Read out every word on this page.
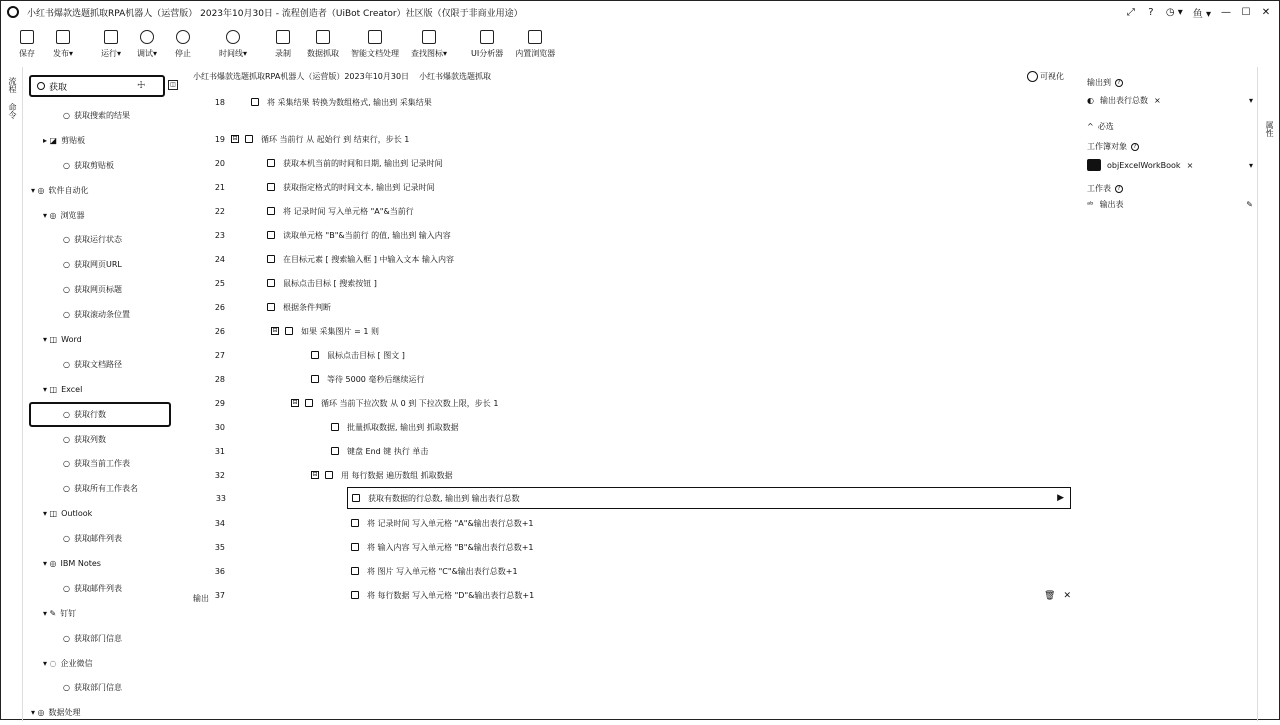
小红书爆款选题抓取RPA机器人（运营版） 2023年10月30日 - 流程创造者（UiBot Creator）社区版（仅限于非商业用途）	⤢ ? ◷ ▾ 鱼 ▾ — ☐ ✕
保存 发布▾	运行▾ 调试▾ 停止	时间线▾	录制 数据抓取 智能文档处理 查找图标▾	UI分析器 内置浏览器
流程
命令
获取
☩	◫
○ 获取搜索的结果
▸ ◪ 剪贴板
○ 获取剪贴板
▾ ◎ 软件自动化
▾ ◎ 浏览器
○ 获取运行状态
○ 获取网页URL
○ 获取网页标题
○ 获取滚动条位置
▾ ◫ Word
○ 获取文档路径
▾ ◫ Excel
○ 获取行数
○ 获取列数
○ 获取当前工作表
○ 获取所有工作表名
▾ ◫ Outlook
○ 获取邮件列表
▾ ◎ IBM Notes
○ 获取邮件列表
▾ ✎ 钉钉
○ 获取部门信息
▾ ◌ 企业微信
○ 获取部门信息
▾ ◎ 数据处理
小红书爆款选题抓取RPA机器人（运营版）2023年10月30日 小红书爆款选题抓取	可视化
18	将 采集结果 转换为数组格式, 输出到 采集结果
19 ⊟	循环 当前行 从 起始行 到 结束行，步长 1
20	获取本机当前的时间和日期, 输出到 记录时间
21	获取指定格式的时间文本, 输出到 记录时间
22	将 记录时间 写入单元格 "A"&当前行
23	读取单元格 "B"&当前行 的值, 输出到 输入内容
24	在目标元素 [ 搜索输入框 ] 中输入文本 输入内容
25	鼠标点击目标 [ 搜索按钮 ]
26	根据条件判断
26	⊟	如果 采集图片 = 1 则
27	鼠标点击目标 [ 图文 ]
28	等待 5000 毫秒后继续运行
29	⊟	循环 当前下拉次数 从 0 到 下拉次数上限，步长 1
30	批量抓取数据, 输出到 抓取数据
31	键盘 End 键 执行 单击
32	⊟	用 每行数据 遍历数组 抓取数据
33	获取有数据的行总数, 输出到 输出表行总数	▶
34	将 记录时间 写入单元格 "A"&输出表行总数+1
35	将 输入内容 写入单元格 "B"&输出表行总数+1
36	将 图片 写入单元格 "C"&输出表行总数+1
37	将 每行数据 写入单元格 "D"&输出表行总数+1
输出	🗑 ✕
输出到	?
◐ 输出表行总数 ×	▾
^ 必选
工作簿对象	?
objExcelWorkBook ×	▾
工作表	?
ᵃᵇ 输出表	✎
属性
